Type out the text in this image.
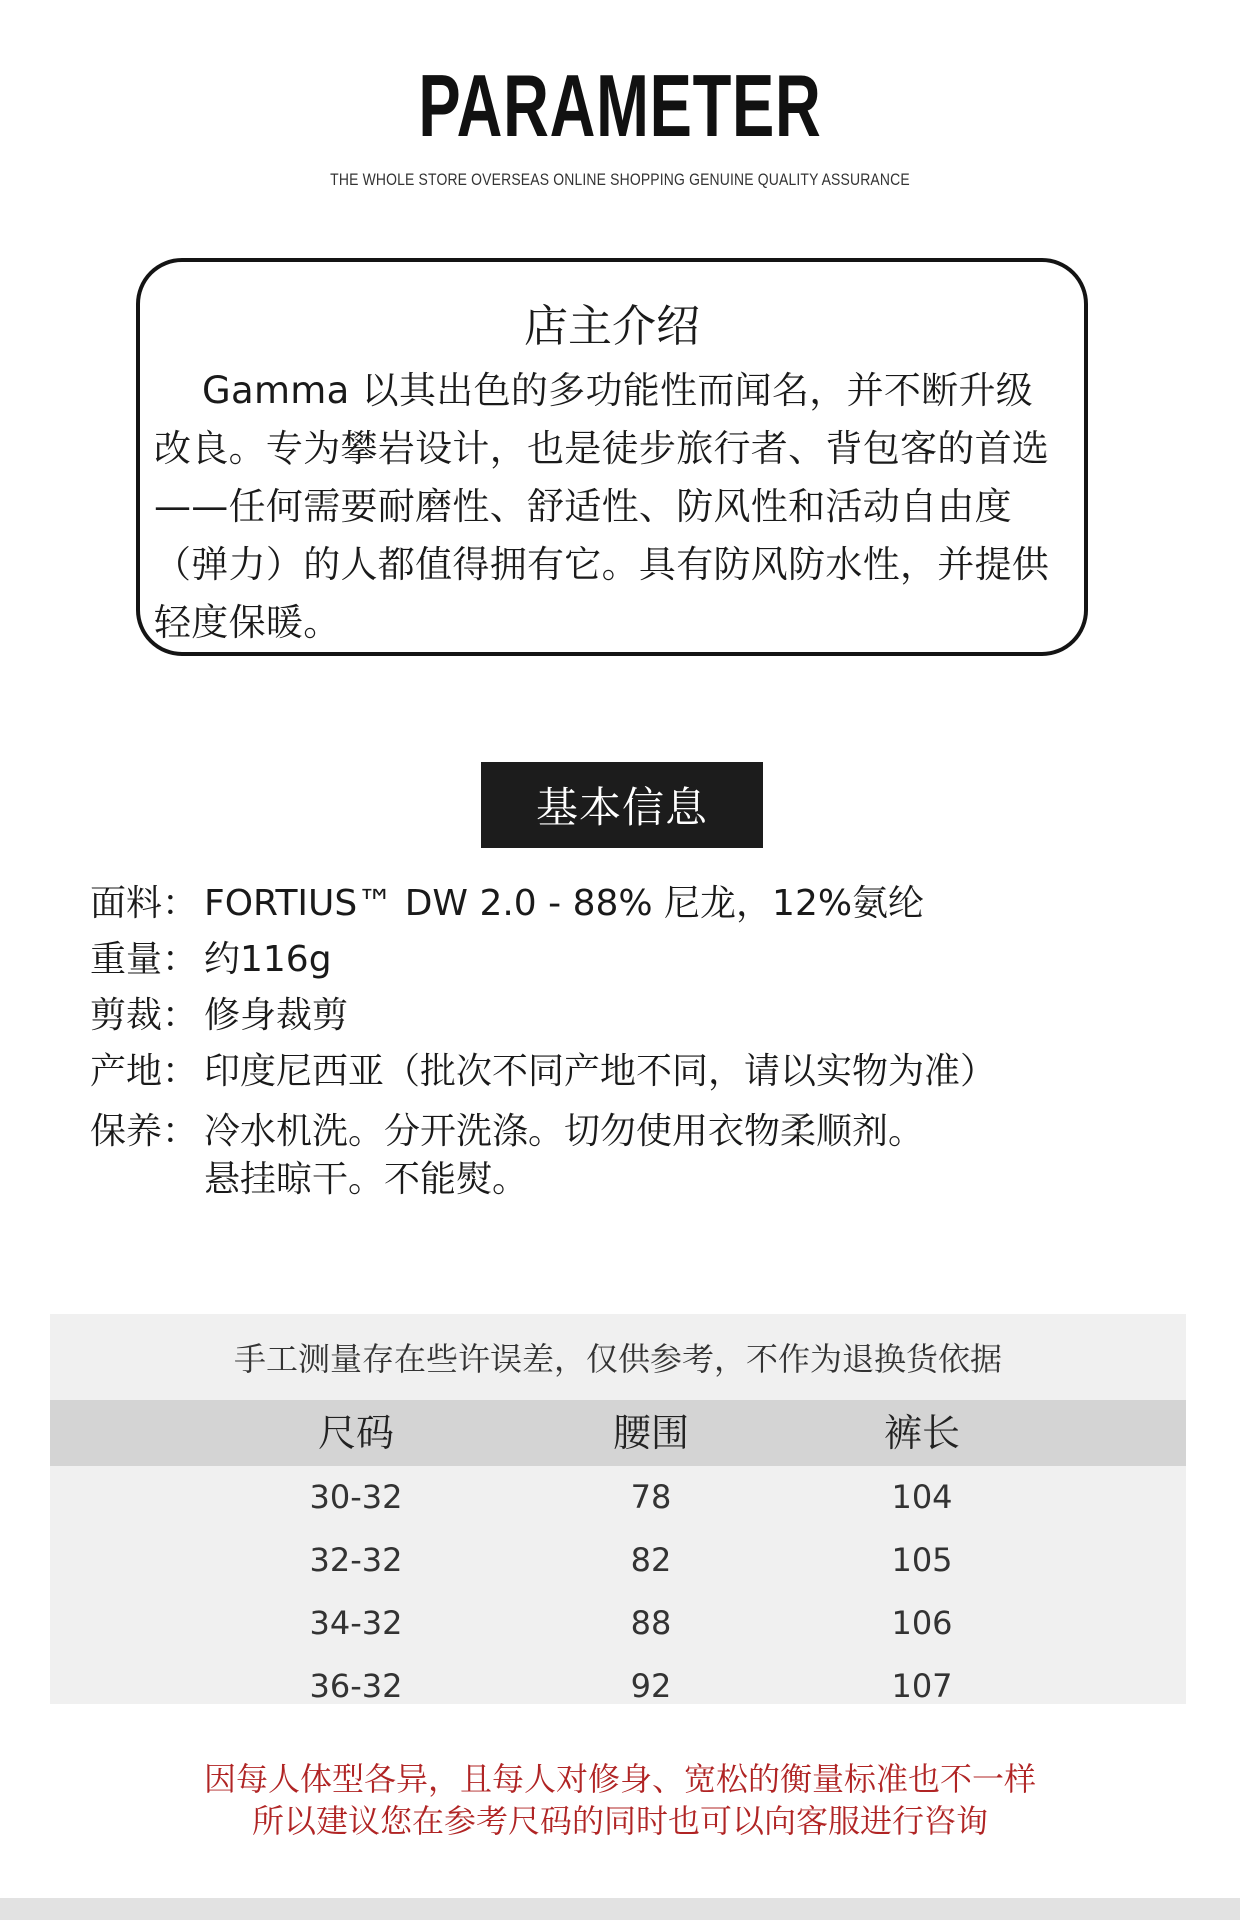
PARAMETER
THE WHOLE STORE OVERSEAS ONLINE SHOPPING GENUINE QUALITY ASSURANCE
店主介绍
Gamma 以其出色的多功能性而闻名，并不断升级改良。专为攀岩设计，也是徒步旅行者、背包客的首选——任何需要耐磨性、舒适性、防风性和活动自由度（弹力）的人都值得拥有它。具有防风防水性，并提供轻度保暖。
基本信息
面料： FORTIUS™ DW 2.0 - 88% 尼龙，12%氨纶
重量： 约116g
剪裁： 修身裁剪
产地： 印度尼西亚（批次不同产地不同，请以实物为准）
保养： 冷水机洗。分开洗涤。切勿使用衣物柔顺剂。
悬挂晾干。不能熨。
手工测量存在些许误差，仅供参考，不作为退换货依据
尺码	腰围	裤长
30-32	78	104
32-32	82	105
34-32	88	106
36-32	92	107
因每人体型各异，且每人对修身、宽松的衡量标准也不一样
所以建议您在参考尺码的同时也可以向客服进行咨询
